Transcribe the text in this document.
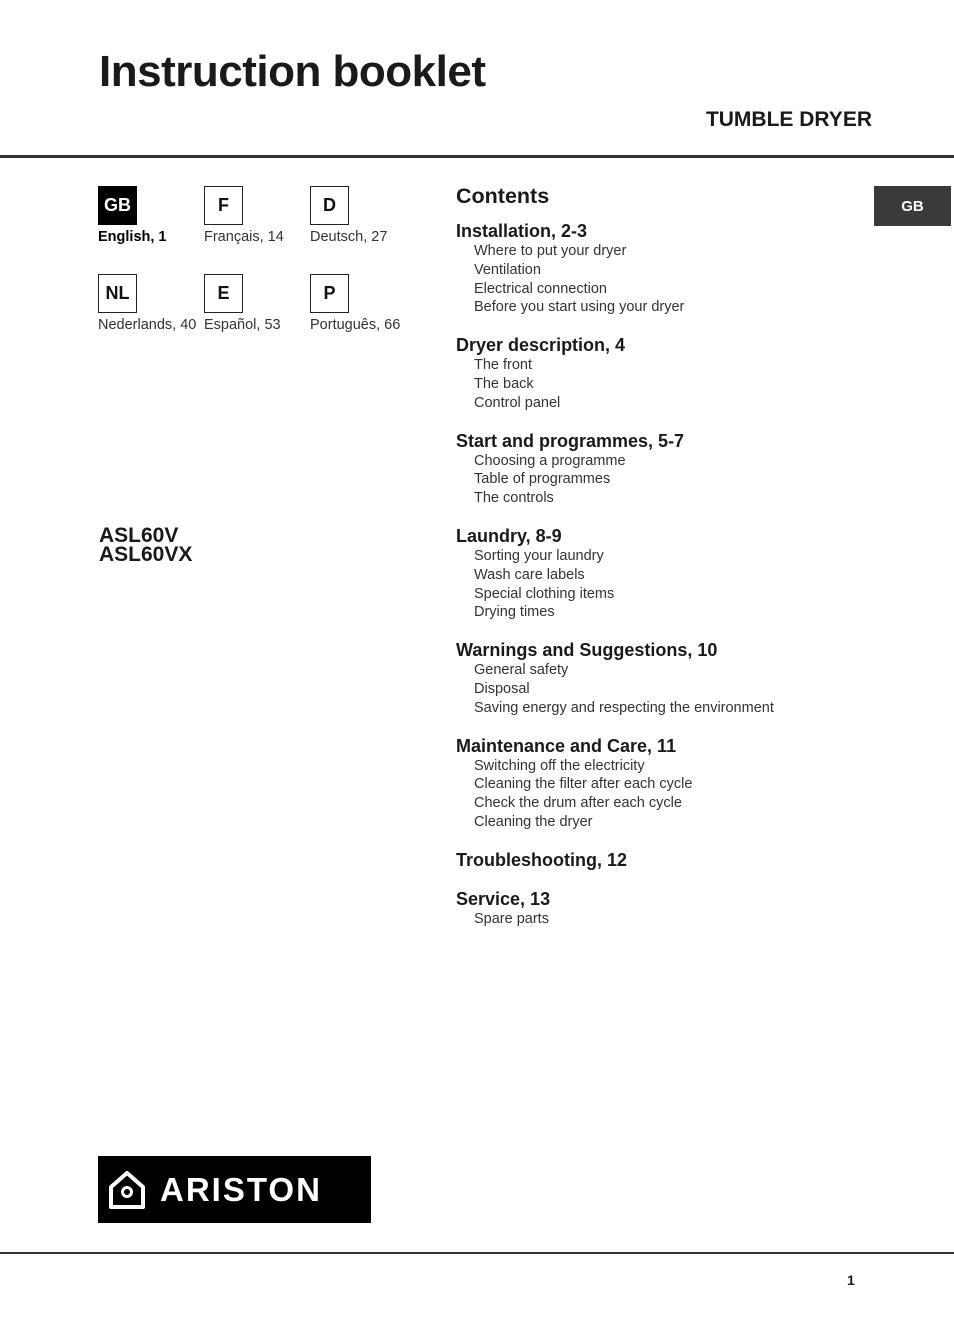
Instruction booklet
TUMBLE DRYER
GB
GB
English, 1
F
Français, 14
D
Deutsch, 27
NL
Nederlands, 40
E
Español, 53
P
Português, 66
ASL60V
ASL60VX
Contents
Installation, 2-3
Where to put your dryer
Ventilation
Electrical connection
Before you start using your dryer
Dryer description, 4
The front
The back
Control panel
Start and programmes, 5-7
Choosing a programme
Table of programmes
The controls
Laundry, 8-9
Sorting your laundry
Wash care labels
Special clothing items
Drying times
Warnings and Suggestions, 10
General safety
Disposal
Saving energy and respecting the environment
Maintenance and Care, 11
Switching off the electricity
Cleaning the filter after each cycle
Check the drum after each cycle
Cleaning the dryer
Troubleshooting, 12
Service, 13
Spare parts
ARISTON
1
